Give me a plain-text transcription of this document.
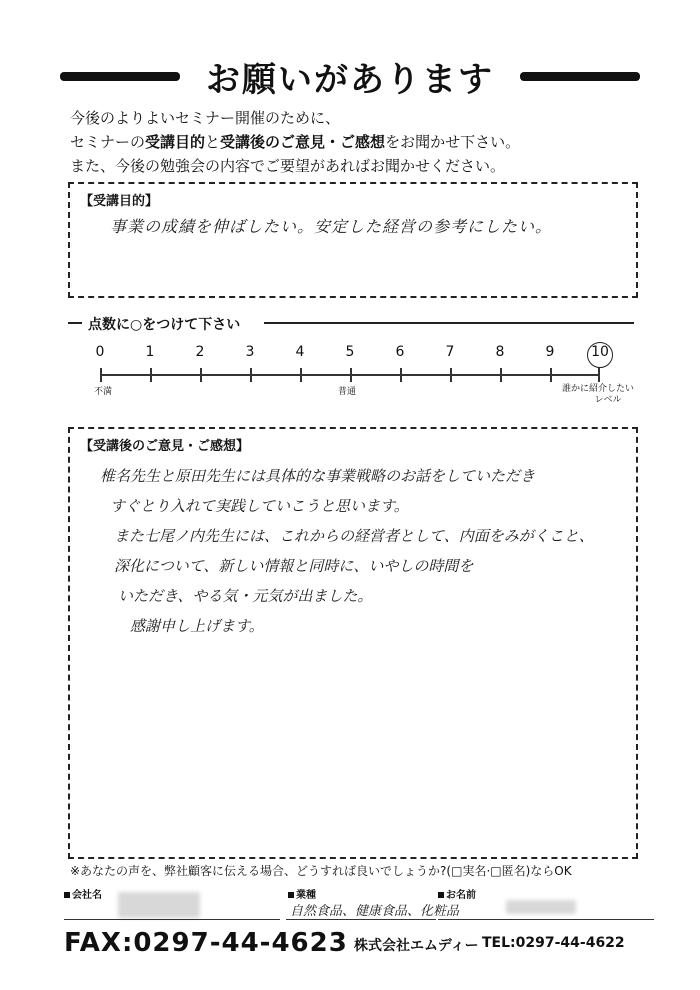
お願いがあります
今後のよりよいセミナー開催のために、
セミナーの受講目的と受講後のご意見・ご感想をお聞かせ下さい。
また、今後の勉強会の内容でご要望があればお聞かせください。
【受講目的】
事業の成績を伸ばしたい。安定した経営の参考にしたい。
点数に○をつけて下さい
0	1	2	3	4	5	6	7	8	9	10
不満	普通	誰かに紹介したい
レベル
【受講後のご意見・ご感想】
椎名先生と原田先生には具体的な事業戦略のお話をしていただき
すぐとり入れて実践していこうと思います。
また七尾ノ内先生には、これからの経営者として、内面をみがくこと、
深化について、新しい情報と同時に、いやしの時間を
いただき、やる気・元気が出ました。
感謝申し上げます。
※あなたの声を、弊社顧客に伝える場合、どうすれば良いでしょうか?(□実名·□匿名)ならOK
会社名	業種
自然食品、健康食品、化粧品
お名前
FAX:0297-44-4623 株式会社エムディー TEL:0297-44-4622
